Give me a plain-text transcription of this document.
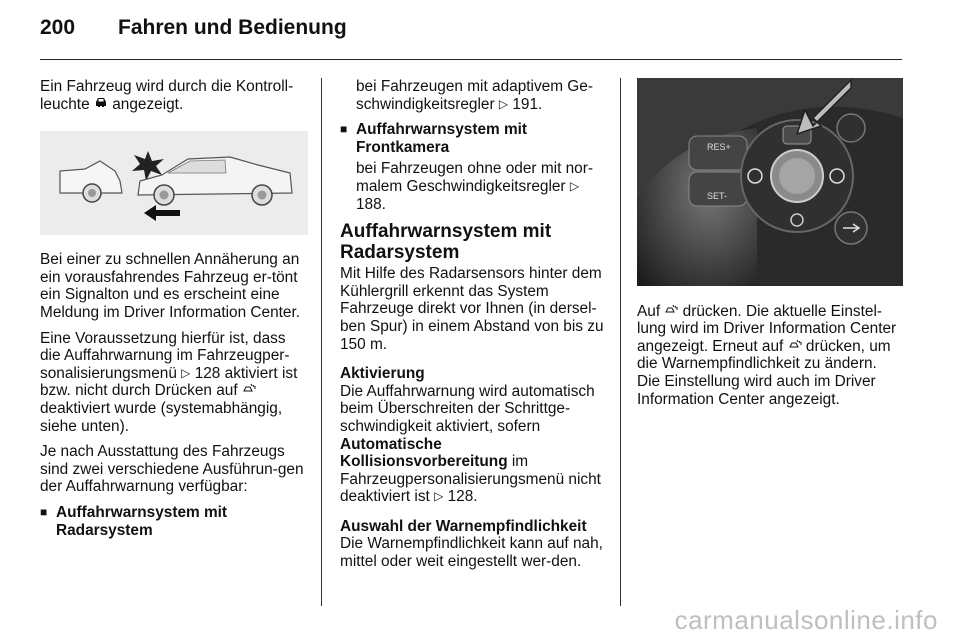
200 Fahren und Bedienung

Ein Fahrzeug wird durch die Kontroll-
leuchte angezeigt.

Bei einer zu schnellen Annäherung an ein vorausfahrendes Fahrzeug er-tönt ein Signalton und es erscheint eine Meldung im Driver Information Center.

Eine Voraussetzung hierfür ist, dass die Auffahrwarnung im Fahrzeugper-sonalisierungsmenü ▷ 128 aktiviert ist bzw. nicht durch Drücken auf  deaktiviert wurde (systemabhängig, siehe unten).

Je nach Ausstattung des Fahrzeugs sind zwei verschiedene Ausführun-gen der Auffahrwarnung verfügbar:

■ Auffahrwarnsystem mit Radarsystem

bei Fahrzeugen mit adaptivem Ge-schwindigkeitsregler ▷ 191.

■ Auffahrwarnsystem mit Frontkamera

bei Fahrzeugen ohne oder mit nor-malem Geschwindigkeitsregler ▷ 188.

Auffahrwarnsystem mit Radarsystem

Mit Hilfe des Radarsensors hinter dem Kühlergrill erkennt das System Fahrzeuge direkt vor Ihnen (in dersel-ben Spur) in einem Abstand von bis zu 150 m.

Aktivierung

Die Auffahrwarnung wird automatisch beim Überschreiten der Schrittge-schwindigkeit aktiviert, sofern Automatische Kollisionsvorbereitung im Fahrzeugpersonalisierungsmenü nicht deaktiviert ist ▷ 128.

Auswahl der Warnempfindlichkeit

Die Warnempfindlichkeit kann auf nah, mittel oder weit eingestellt wer-den.

RES+
SET-

Auf drücken. Die aktuelle Einstel-lung wird im Driver Information Center angezeigt. Erneut auf drücken, um die Warnempfindlichkeit zu ändern. Die Einstellung wird auch im Driver Information Center angezeigt.

carmanualsonline.info
